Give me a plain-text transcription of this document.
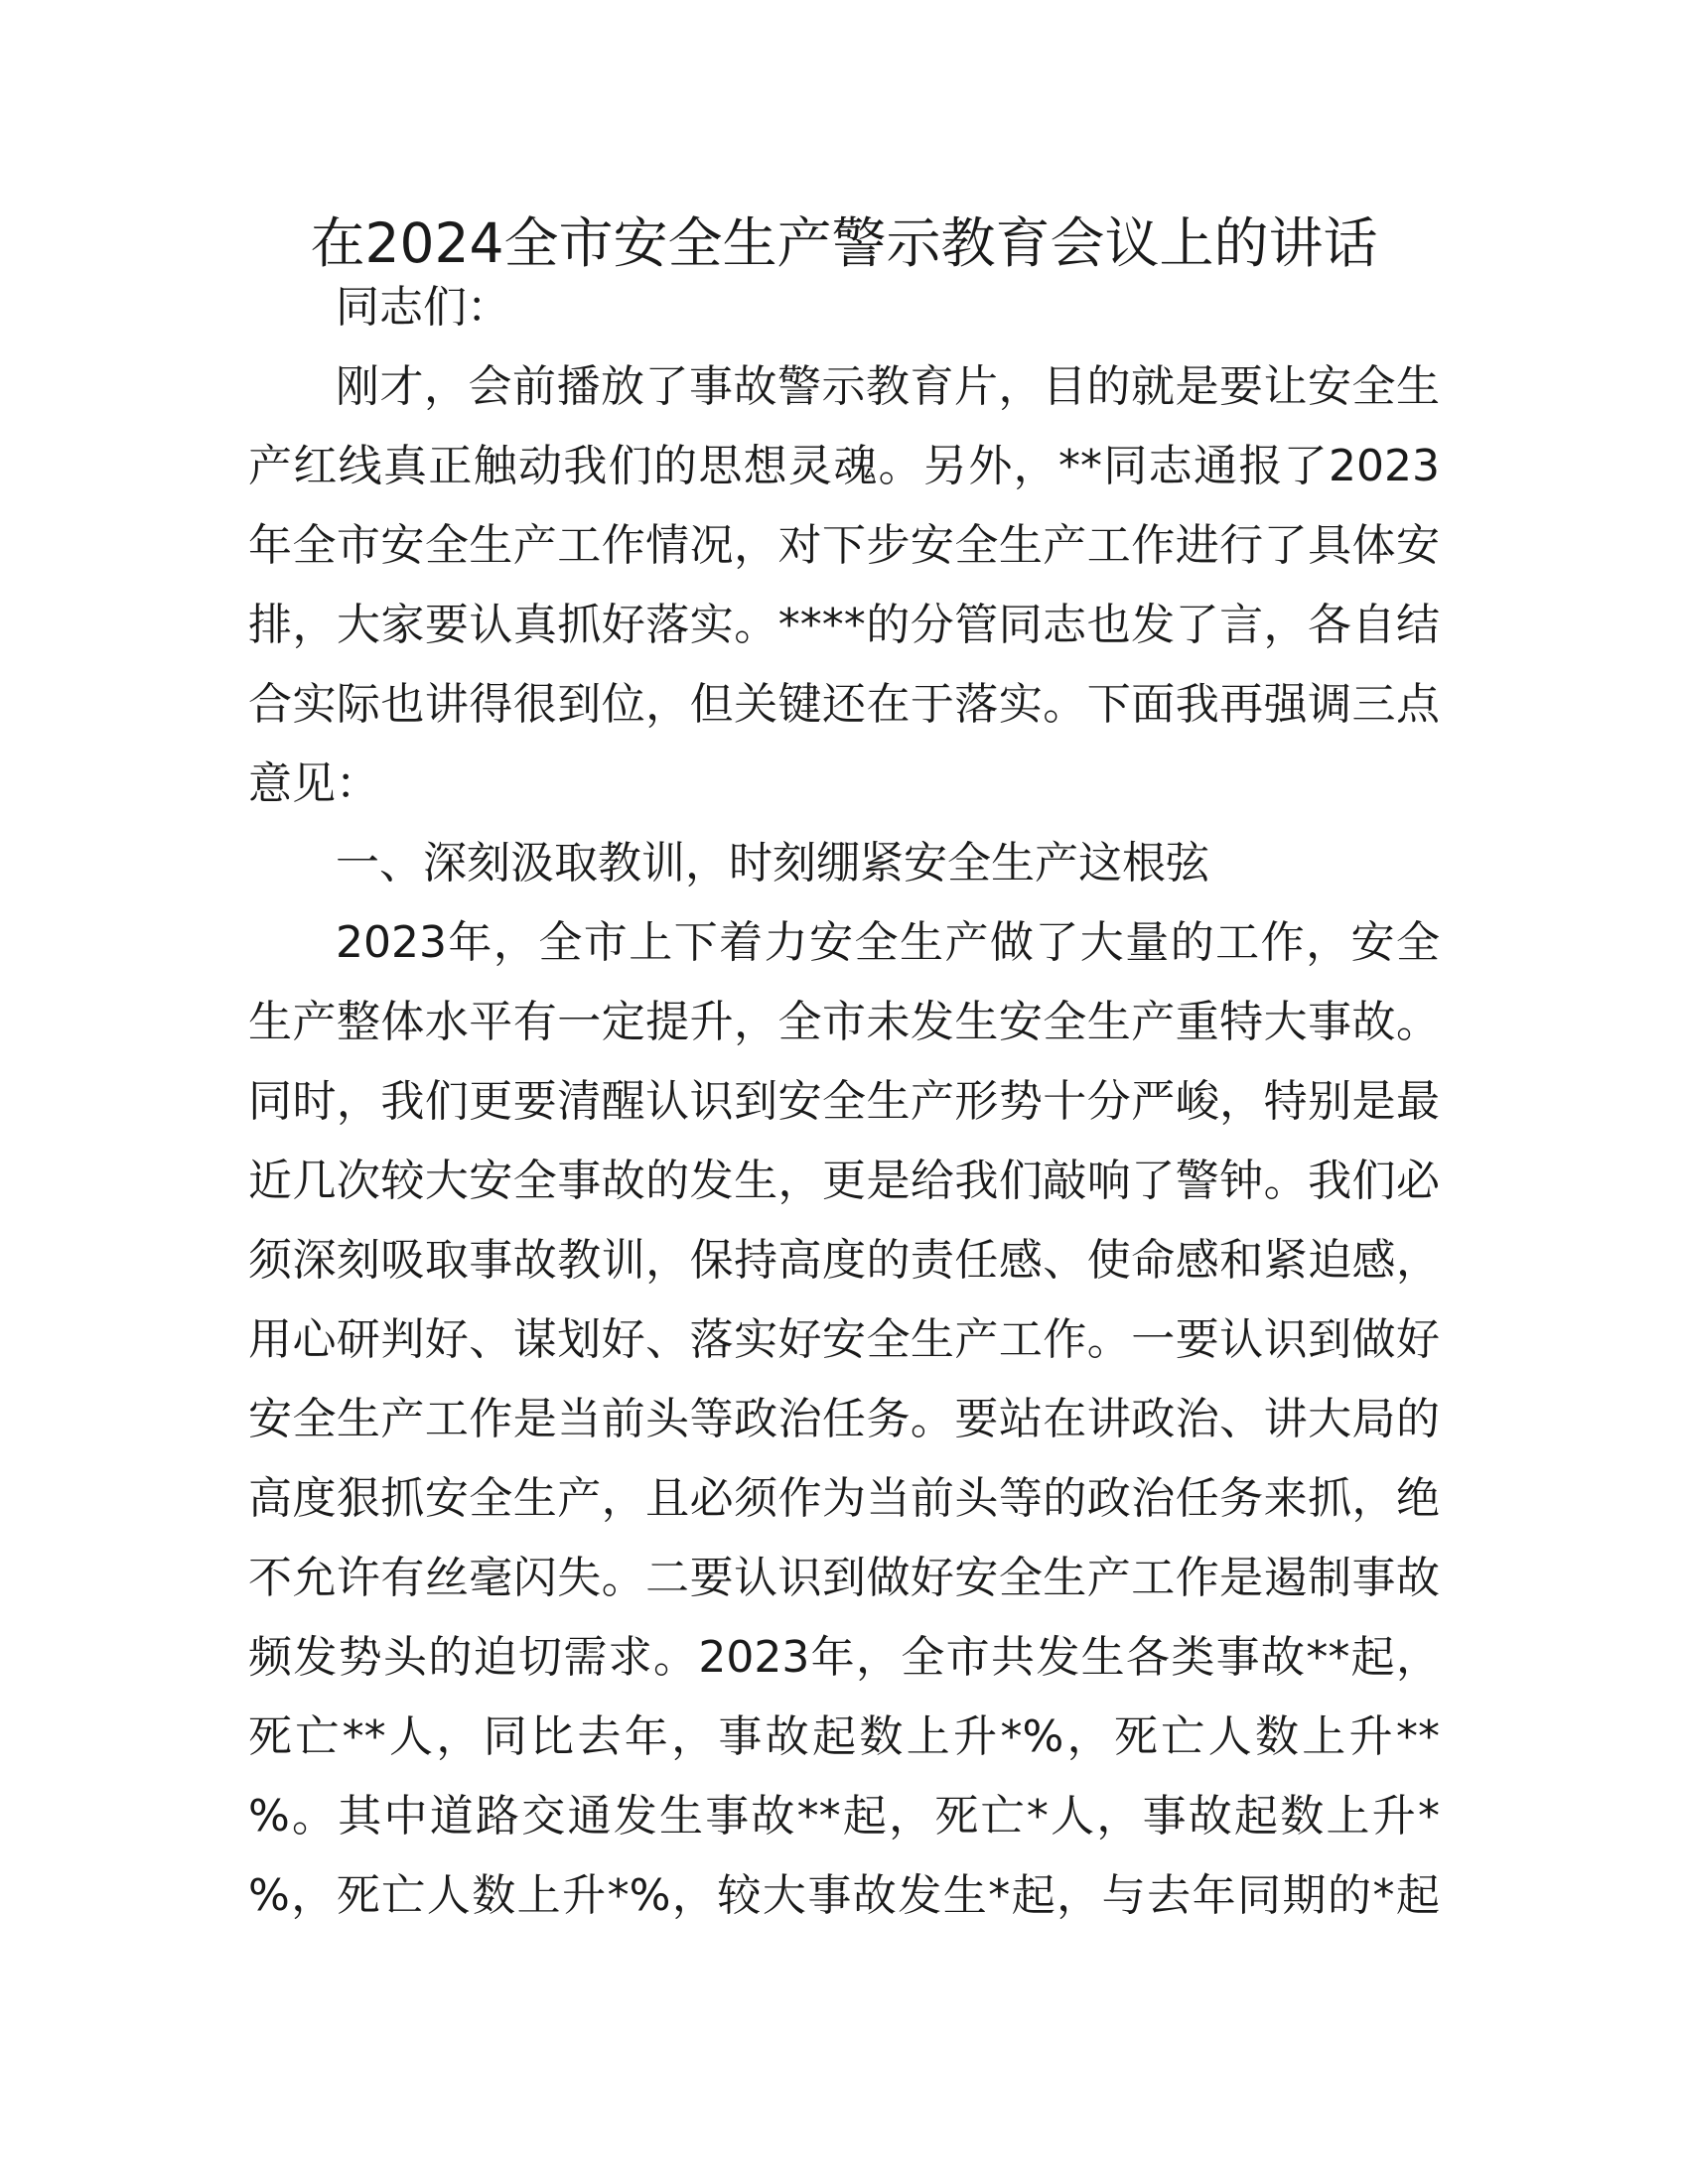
在2024全市安全生产警示教育会议上的讲话
同志们：
刚才，会前播放了事故警示教育片，目的就是要让安全生
产红线真正触动我们的思想灵魂。另外，**同志通报了2023
年全市安全生产工作情况，对下步安全生产工作进行了具体安
排，大家要认真抓好落实。****的分管同志也发了言，各自结
合实际也讲得很到位，但关键还在于落实。下面我再强调三点
意见：
一、深刻汲取教训，时刻绷紧安全生产这根弦
2023年，全市上下着力安全生产做了大量的工作，安全
生产整体水平有一定提升，全市未发生安全生产重特大事故。
同时，我们更要清醒认识到安全生产形势十分严峻，特别是最
近几次较大安全事故的发生，更是给我们敲响了警钟。我们必
须深刻吸取事故教训，保持高度的责任感、使命感和紧迫感，
用心研判好、谋划好、落实好安全生产工作。一要认识到做好
安全生产工作是当前头等政治任务。要站在讲政治、讲大局的
高度狠抓安全生产，且必须作为当前头等的政治任务来抓，绝
不允许有丝毫闪失。二要认识到做好安全生产工作是遏制事故
频发势头的迫切需求。2023年，全市共发生各类事故**起，
死亡**人，同比去年，事故起数上升*%，死亡人数上升**
%。其中道路交通发生事故**起，死亡*人，事故起数上升*
%，死亡人数上升*%，较大事故发生*起，与去年同期的*起
